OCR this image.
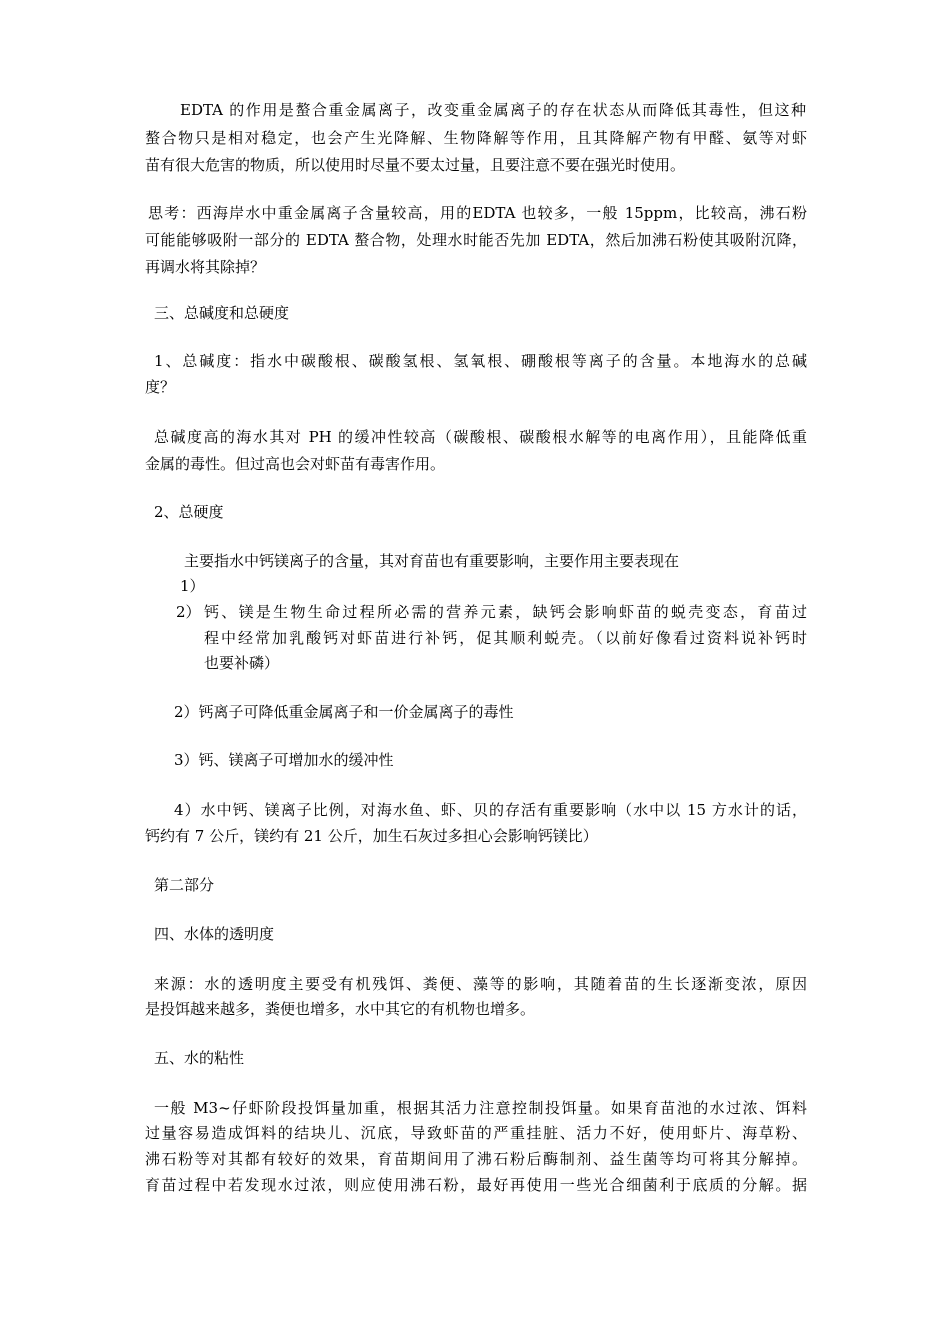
EDTA 的作用是螯合重金属离子，改变重金属离子的存在状态从而降低其毒性，但这种
螯合物只是相对稳定，也会产生光降解、生物降解等作用，且其降解产物有甲醛、氨等对虾
苗有很大危害的物质，所以使用时尽量不要太过量，且要注意不要在强光时使用。
思考：西海岸水中重金属离子含量较高，用的EDTA 也较多，一般 15ppm，比较高，沸石粉
可能能够吸附一部分的 EDTA 螯合物，处理水时能否先加 EDTA，然后加沸石粉使其吸附沉降，
再调水将其除掉？
三、总碱度和总硬度
1、总碱度：指水中碳酸根、碳酸氢根、氢氧根、硼酸根等离子的含量。本地海水的总碱
度？
总碱度高的海水其对 PH 的缓冲性较高（碳酸根、碳酸根水解等的电离作用），且能降低重
金属的毒性。但过高也会对虾苗有毒害作用。
2、总硬度
主要指水中钙镁离子的含量，其对育苗也有重要影响，主要作用主要表现在
1）
2） 钙、镁是生物生命过程所必需的营养元素，缺钙会影响虾苗的蜕壳变态，育苗过
程中经常加乳酸钙对虾苗进行补钙，促其顺利蜕壳。（以前好像看过资料说补钙时
也要补磷）
2）钙离子可降低重金属离子和一价金属离子的毒性
3）钙、镁离子可增加水的缓冲性
4）水中钙、镁离子比例，对海水鱼、虾、贝的存活有重要影响（水中以 15 方水计的话，
钙约有 7 公斤，镁约有 21 公斤，加生石灰过多担心会影响钙镁比）
第二部分
四、水体的透明度
来源：水的透明度主要受有机残饵、粪便、藻等的影响，其随着苗的生长逐渐变浓，原因
是投饵越来越多，粪便也增多，水中其它的有机物也增多。
五、水的粘性
一般 M3~仔虾阶段投饵量加重，根据其活力注意控制投饵量。如果育苗池的水过浓、饵料
过量容易造成饵料的结块儿、沉底，导致虾苗的严重挂脏、活力不好，使用虾片、海草粉、
沸石粉等对其都有较好的效果，育苗期间用了沸石粉后酶制剂、益生菌等均可将其分解掉。
育苗过程中若发现水过浓，则应使用沸石粉，最好再使用一些光合细菌利于底质的分解。据
